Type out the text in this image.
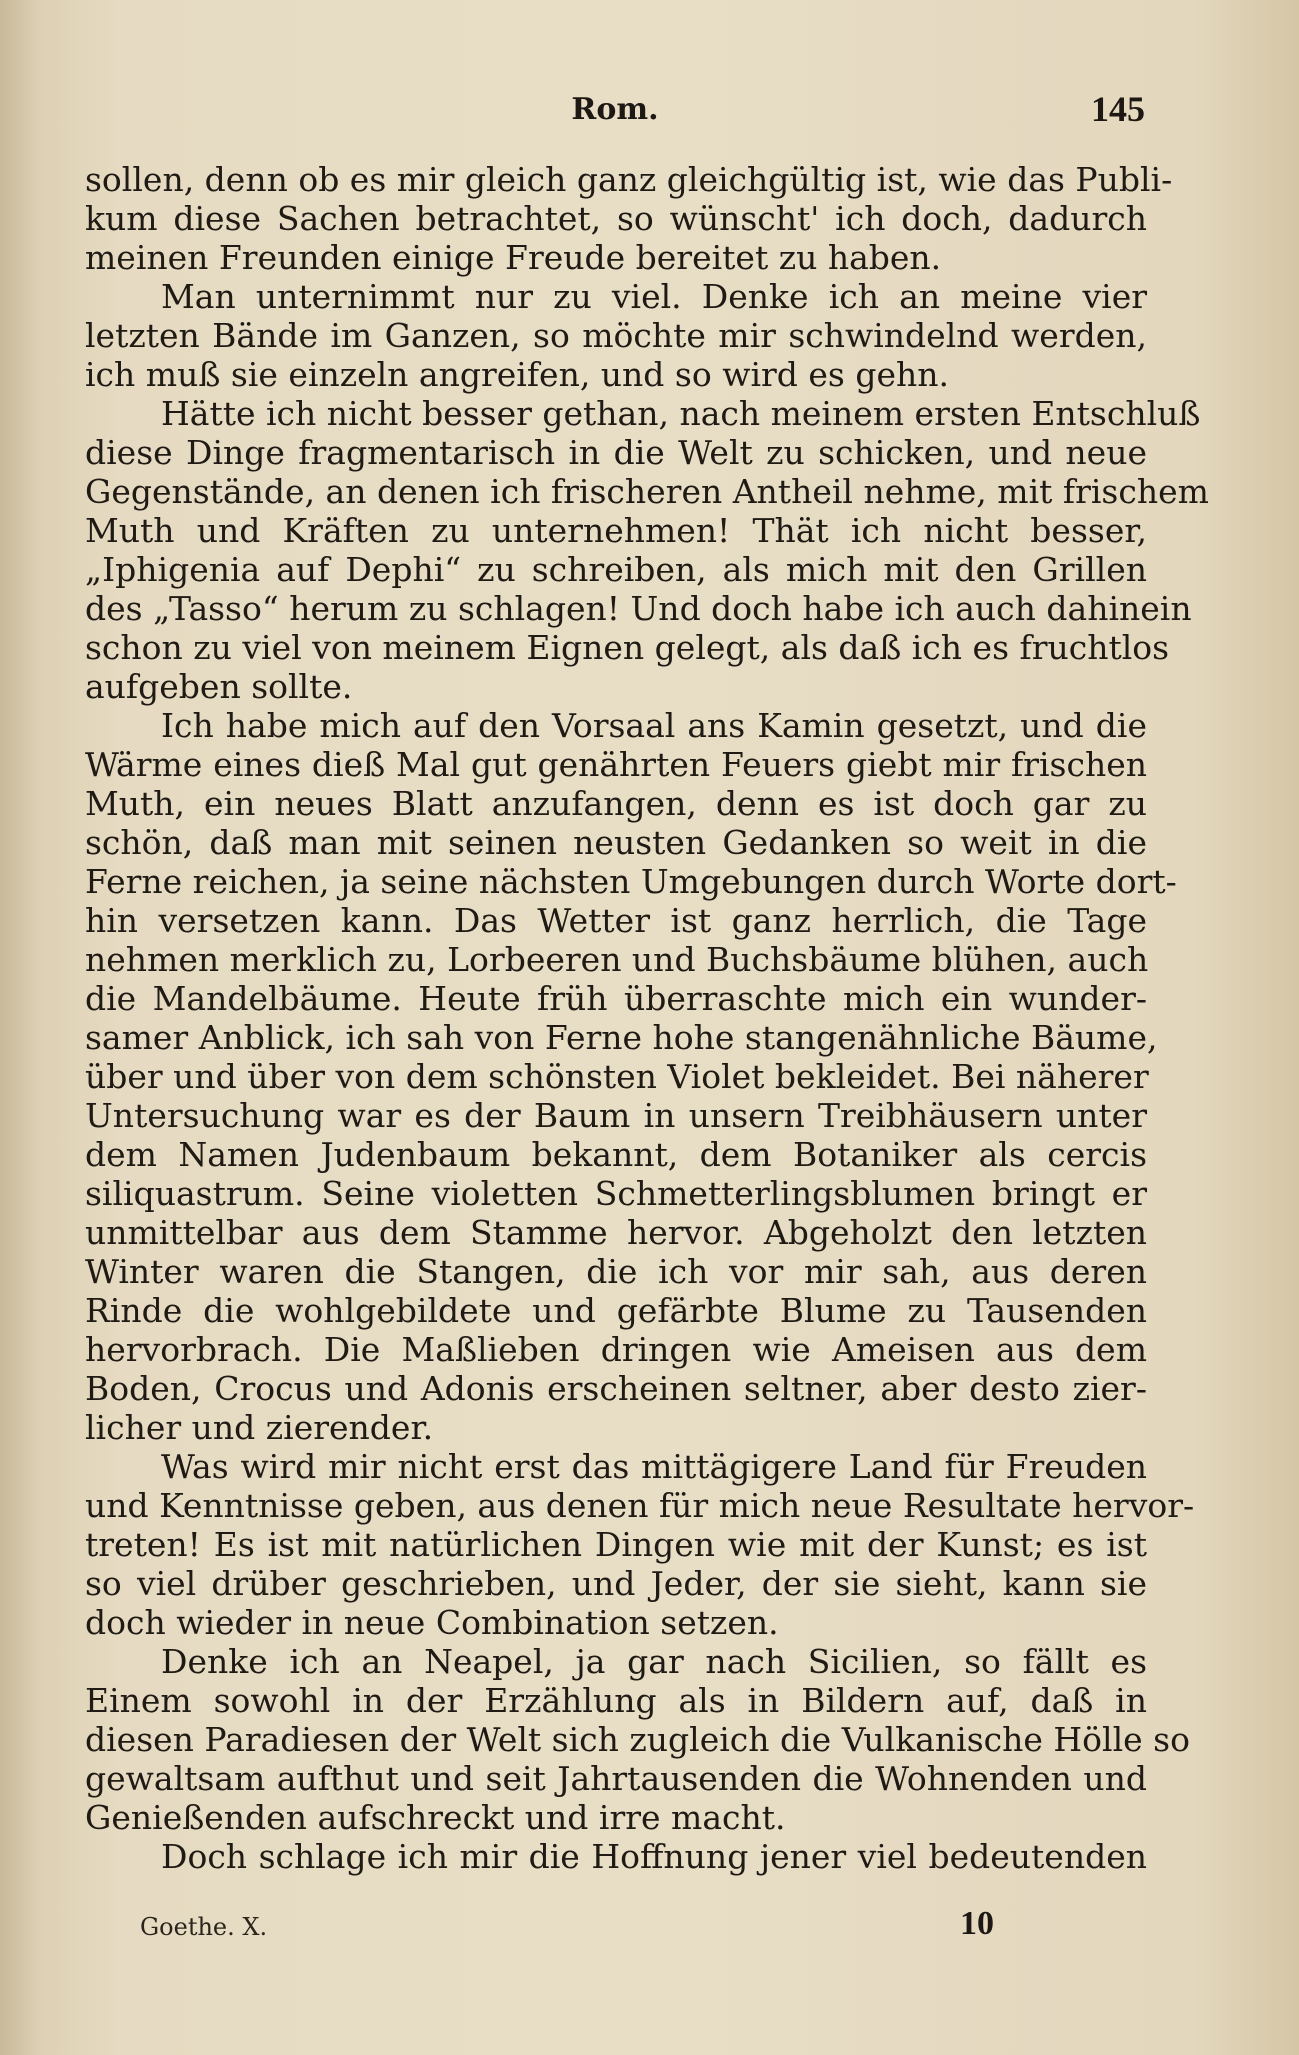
Rom.	145
sollen, denn ob es mir gleich ganz gleichgültig ist, wie das Publi-
kum diese Sachen betrachtet, so wünscht' ich doch, dadurch
meinen Freunden einige Freude bereitet zu haben.
Man unternimmt nur zu viel. Denke ich an meine vier
letzten Bände im Ganzen, so möchte mir schwindelnd werden,
ich muß sie einzeln angreifen, und so wird es gehn.
Hätte ich nicht besser gethan, nach meinem ersten Entschluß
diese Dinge fragmentarisch in die Welt zu schicken, und neue
Gegenstände, an denen ich frischeren Antheil nehme, mit frischem
Muth und Kräften zu unternehmen! Thät ich nicht besser,
„Iphigenia auf Dephi“ zu schreiben, als mich mit den Grillen
des „Tasso“ herum zu schlagen! Und doch habe ich auch dahinein
schon zu viel von meinem Eignen gelegt, als daß ich es fruchtlos
aufgeben sollte.
Ich habe mich auf den Vorsaal ans Kamin gesetzt, und die
Wärme eines dieß Mal gut genährten Feuers giebt mir frischen
Muth, ein neues Blatt anzufangen, denn es ist doch gar zu
schön, daß man mit seinen neusten Gedanken so weit in die
Ferne reichen, ja seine nächsten Umgebungen durch Worte dort-
hin versetzen kann. Das Wetter ist ganz herrlich, die Tage
nehmen merklich zu, Lorbeeren und Buchsbäume blühen, auch
die Mandelbäume. Heute früh überraschte mich ein wunder-
samer Anblick, ich sah von Ferne hohe stangenähnliche Bäume,
über und über von dem schönsten Violet bekleidet. Bei näherer
Untersuchung war es der Baum in unsern Treibhäusern unter
dem Namen Judenbaum bekannt, dem Botaniker als cercis
siliquastrum. Seine violetten Schmetterlingsblumen bringt er
unmittelbar aus dem Stamme hervor. Abgeholzt den letzten
Winter waren die Stangen, die ich vor mir sah, aus deren
Rinde die wohlgebildete und gefärbte Blume zu Tausenden
hervorbrach. Die Maßlieben dringen wie Ameisen aus dem
Boden, Crocus und Adonis erscheinen seltner, aber desto zier-
licher und zierender.
Was wird mir nicht erst das mittägigere Land für Freuden
und Kenntnisse geben, aus denen für mich neue Resultate hervor-
treten! Es ist mit natürlichen Dingen wie mit der Kunst; es ist
so viel drüber geschrieben, und Jeder, der sie sieht, kann sie
doch wieder in neue Combination setzen.
Denke ich an Neapel, ja gar nach Sicilien, so fällt es
Einem sowohl in der Erzählung als in Bildern auf, daß in
diesen Paradiesen der Welt sich zugleich die Vulkanische Hölle so
gewaltsam aufthut und seit Jahrtausenden die Wohnenden und
Genießenden aufschreckt und irre macht.
Doch schlage ich mir die Hoffnung jener viel bedeutenden
Goethe. X.	10
